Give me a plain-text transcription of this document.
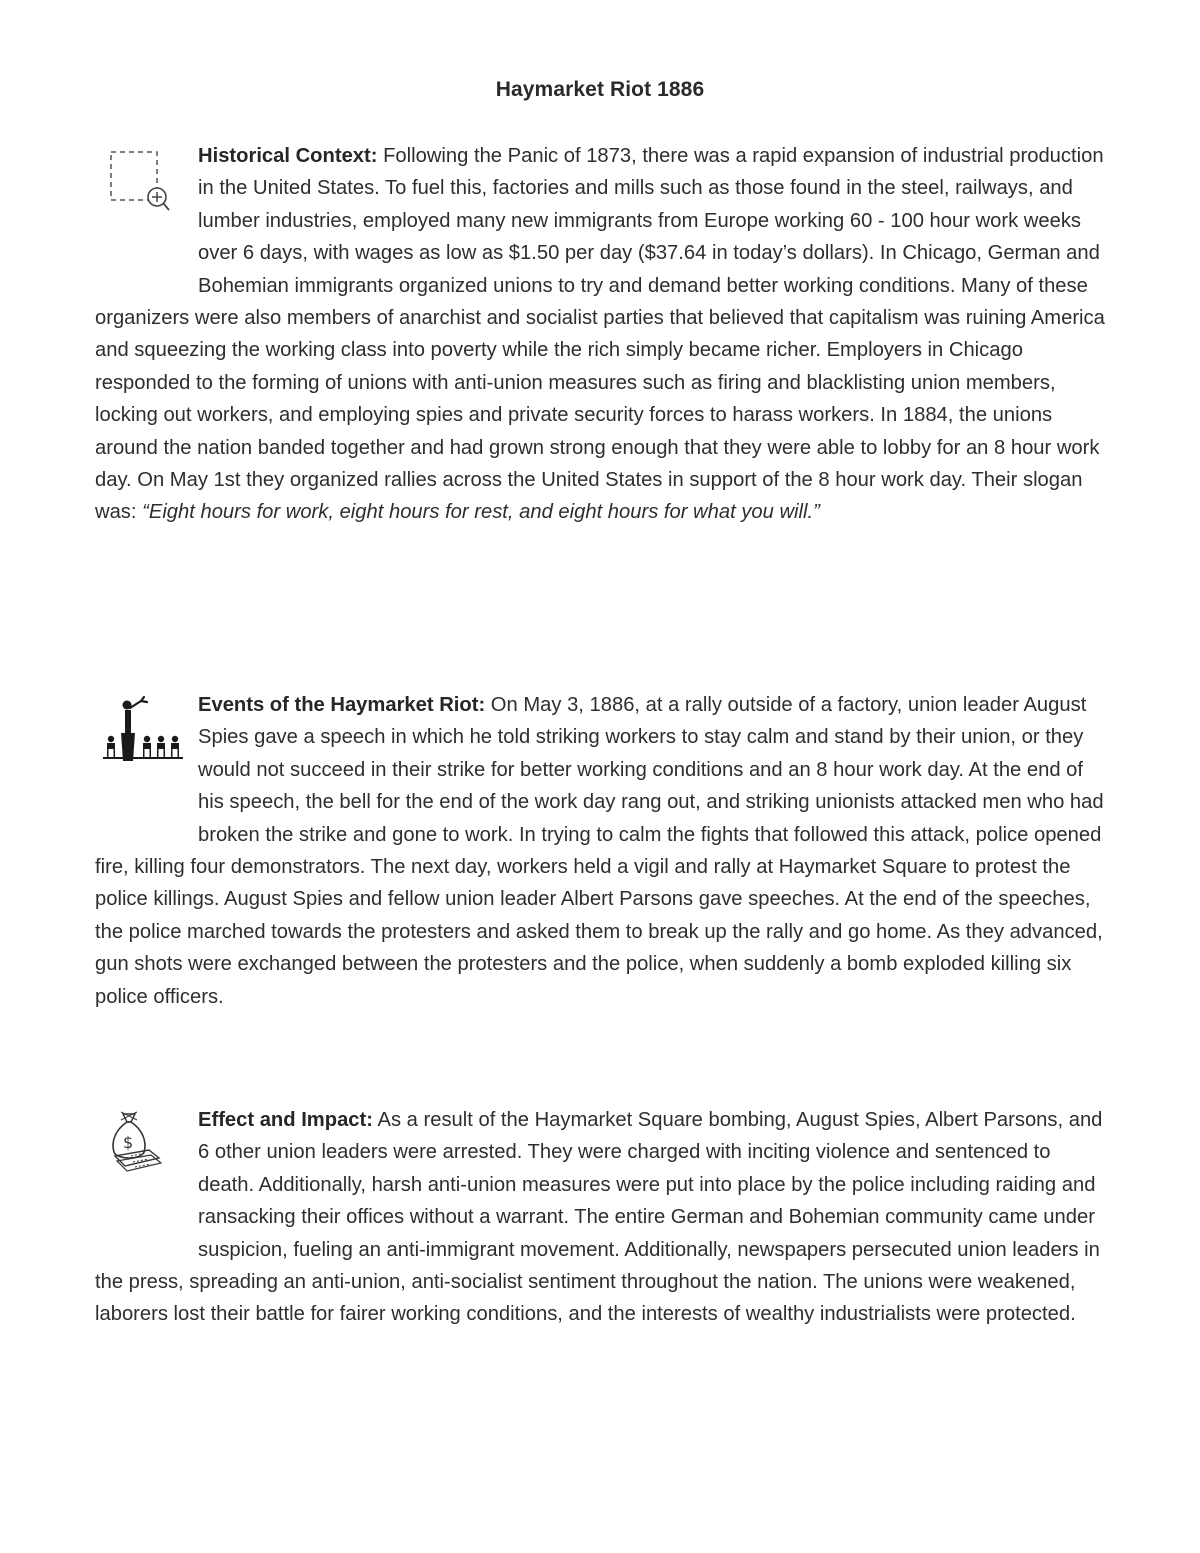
Haymarket Riot 1886

Historical Context: Following the Panic of 1873, there was a rapid expansion of industrial production in the United States. To fuel this, factories and mills such as those found in the steel, railways, and lumber industries, employed many new immigrants from Europe working 60 - 100 hour work weeks over 6 days, with wages as low as $1.50 per day ($37.64 in today’s dollars). In Chicago, German and Bohemian immigrants organized unions to try and demand better working conditions. Many of these organizers were also members of anarchist and socialist parties that believed that capitalism was ruining America and squeezing the working class into poverty while the rich simply became richer. Employers in Chicago responded to the forming of unions with anti-union measures such as firing and blacklisting union members, locking out workers, and employing spies and private security forces to harass workers. In 1884, the unions around the nation banded together and had grown strong enough that they were able to lobby for an 8 hour work day. On May 1st they organized rallies across the United States in support of the 8 hour work day. Their slogan was: “Eight hours for work, eight hours for rest, and eight hours for what you will.”

Events of the Haymarket Riot: On May 3, 1886, at a rally outside of a factory, union leader August Spies gave a speech in which he told striking workers to stay calm and stand by their union, or they would not succeed in their strike for better working conditions and an 8 hour work day. At the end of his speech, the bell for the end of the work day rang out, and striking unionists attacked men who had broken the strike and gone to work. In trying to calm the fights that followed this attack, police opened fire, killing four demonstrators. The next day, workers held a vigil and rally at Haymarket Square to protest the police killings. August Spies and fellow union leader Albert Parsons gave speeches. At the end of the speeches, the police marched towards the protesters and asked them to break up the rally and go home. As they advanced, gun shots were exchanged between the protesters and the police, when suddenly a bomb exploded killing six police officers.

$

Effect and Impact: As a result of the Haymarket Square bombing, August Spies, Albert Parsons, and 6 other union leaders were arrested. They were charged with inciting violence and sentenced to death. Additionally, harsh anti-union measures were put into place by the police including raiding and ransacking their offices without a warrant. The entire German and Bohemian community came under suspicion, fueling an anti-immigrant movement. Additionally, newspapers persecuted union leaders in the press, spreading an anti-union, anti-socialist sentiment throughout the nation. The unions were weakened, laborers lost their battle for fairer working conditions, and the interests of wealthy industrialists were protected.
